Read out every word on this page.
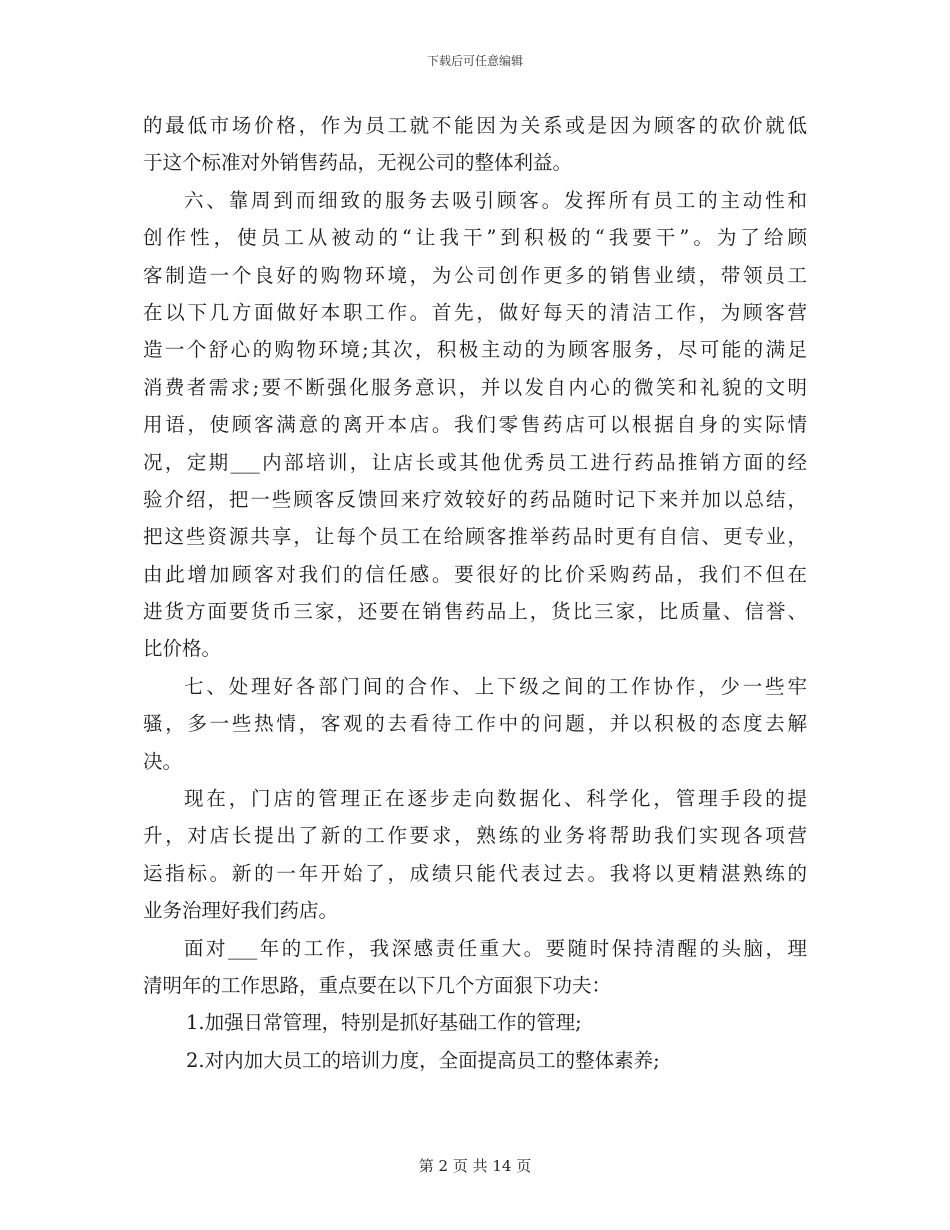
下载后可任意编辑
的最低市场价格，作为员工就不能因为关系或是因为顾客的砍价就低
于这个标准对外销售药品，无视公司的整体利益。
六、靠周到而细致的服务去吸引顾客。发挥所有员工的主动性和
创作性，使员工从被动的“让我干”到积极的“我要干”。为了给顾
客制造一个良好的购物环境，为公司创作更多的销售业绩，带领员工
在以下几方面做好本职工作。首先，做好每天的清洁工作，为顾客营
造一个舒心的购物环境;其次，积极主动的为顾客服务，尽可能的满足
消费者需求;要不断强化服务意识，并以发自内心的微笑和礼貌的文明
用语，使顾客满意的离开本店。我们零售药店可以根据自身的实际情
况，定期___内部培训，让店长或其他优秀员工进行药品推销方面的经
验介绍，把一些顾客反馈回来疗效较好的药品随时记下来并加以总结，
把这些资源共享，让每个员工在给顾客推举药品时更有自信、更专业，
由此增加顾客对我们的信任感。要很好的比价采购药品，我们不但在
进货方面要货币三家，还要在销售药品上，货比三家，比质量、信誉、
比价格。
七、处理好各部门间的合作、上下级之间的工作协作，少一些牢
骚，多一些热情，客观的去看待工作中的问题，并以积极的态度去解
决。
现在，门店的管理正在逐步走向数据化、科学化，管理手段的提
升，对店长提出了新的工作要求，熟练的业务将帮助我们实现各项营
运指标。新的一年开始了，成绩只能代表过去。我将以更精湛熟练的
业务治理好我们药店。
面对___年的工作，我深感责任重大。要随时保持清醒的头脑，理
清明年的工作思路，重点要在以下几个方面狠下功夫：
1.加强日常管理，特别是抓好基础工作的管理;
2.对内加大员工的培训力度，全面提高员工的整体素养;
第 2 页 共 14 页
